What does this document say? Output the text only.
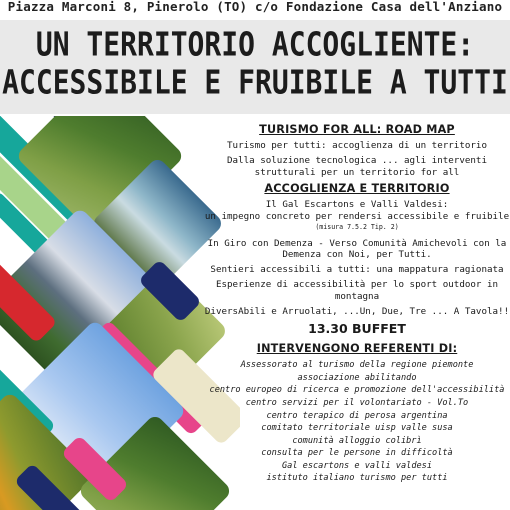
Piazza Marconi 8, Pinerolo (TO) c/o Fondazione Casa dell'Anziano
UN TERRITORIO ACCOGLIENTE:
ACCESSIBILE E FRUIBILE A TUTTI
TURISMO FOR ALL: ROAD MAP
Turismo per tutti: accoglienza di un territorio
Dalla soluzione tecnologica ... agli interventi strutturali per un territorio for all
ACCOGLIENZA E TERRITORIO
Il Gal Escartons e Valli Valdesi:
un impegno concreto per rendersi accessibile e fruibile
(misura 7.5.2 Tip. 2)
In Giro con Demenza - Verso Comunità Amichevoli con la Demenza con Noi, per Tutti.
Sentieri accessibili a tutti: una mappatura ragionata
Esperienze di accessibilità per lo sport outdoor in montagna
DiversAbili e Arruolati, ...Un, Due, Tre ... A Tavola!!
13.30 BUFFET
INTERVENGONO REFERENTI DI:
Assessorato al turismo della regione piemonte
associazione abilitando
centro europeo di ricerca e promozione dell'accessibilità
centro servizi per il volontariato - Vol.To
centro terapico di perosa argentina
comitato territoriale uisp valle susa
comunità alloggio colibrì
consulta per le persone in difficoltà
Gal escartons e valli valdesi
istituto italiano turismo per tutti
